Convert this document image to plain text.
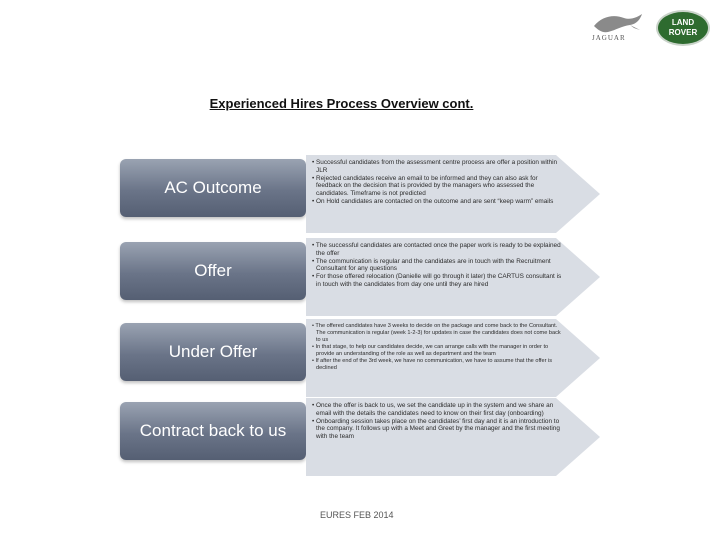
JAGUAR
LAND
ROVER
Experienced Hires Process Overview cont.
AC Outcome
• Successful candidates from the assessment centre process are offer a position within JLR
• Rejected candidates receive an email to be informed and they can also ask for feedback on the decision that is provided by the managers who assessed the candidates. Timeframe is not predicted
• On Hold candidates are contacted on the outcome and are sent “keep warm” emails
Offer
• The successful candidates are contacted once the paper work is ready to be explained the offer
• The communication is regular and the candidates are in touch with the Recruitment Consultant for any questions
• For those offered relocation (Danielle will go through it later) the CARTUS consultant is in touch with the candidates from day one until they are hired
Under Offer
• The offered candidates have 3 weeks to decide on the package and come back to the Consultant. The communication is regular (week 1-2-3) for updates in case the candidates does not come back to us
• In that stage, to help our candidates decide, we can arrange calls with the manager in order to provide an understanding of the role as well as department and the team
• If after the end of the 3rd week, we have no communication, we have to assume that the offer is declined
Contract back to us
• Once the offer is back to us, we set the candidate up in the system and we share an email with the details the candidates need to know on their first day (onboarding)
• Onboarding session takes place on the candidates’ first day and it is an introduction to the company. It follows up with a Meet and Greet by the manager and the first meeting with the team
EURES FEB 2014
